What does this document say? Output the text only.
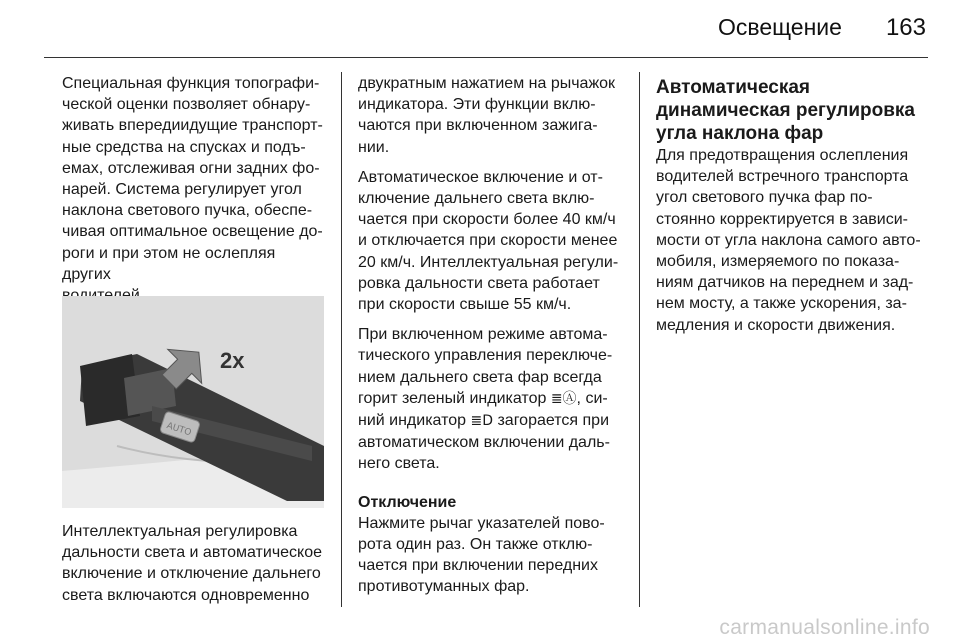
Освещение 163

Специальная функция топографи-

ческой оценки позволяет обнару-

живать впередиидущие транспорт-

ные средства на спусках и подъ-

емах, отслеживая огни задних фо-

нарей. Система регулирует угол

наклона светового пучка, обеспе-

чивая оптимальное освещение до-

роги и при этом не ослепляя других

AUTO
2x

Интеллектуальная регулировка

дальности света и автоматическое

включение и отключение дальнего

света включаются одновременно

двукратным нажатием на рычажок

индикатора. Эти функции вклю-

чаются при включенном зажига-

нии.

Автоматическое включение и от-

ключение дальнего света вклю-

чается при скорости более 40 км/ч

и отключается при скорости менее

20 км/ч. Интеллектуальная регули-

ровка дальности света работает

при скорости свыше 55 км/ч.

При включенном режиме автома-

тического управления переключе-

нием дальнего света фар всегда

горит зеленый индикатор ≣Ⓐ, си-

ний индикатор ≣D загорается при

автоматическом включении даль-

него света.

Отключение

Нажмите рычаг указателей пово-

рота один раз. Он также отклю-

чается при включении передних

противотуманных фар.

Автоматическая

динамическая регулировка

угла наклона фар

Для предотвращения ослепления

водителей встречного транспорта

угол светового пучка фар по-

стоянно корректируется в зависи-

мости от угла наклона самого авто-

мобиля, измеряемого по показа-

ниям датчиков на переднем и зад-

нем мосту, а также ускорения, за-

медления и скорости движения.

carmanualsonline.info
